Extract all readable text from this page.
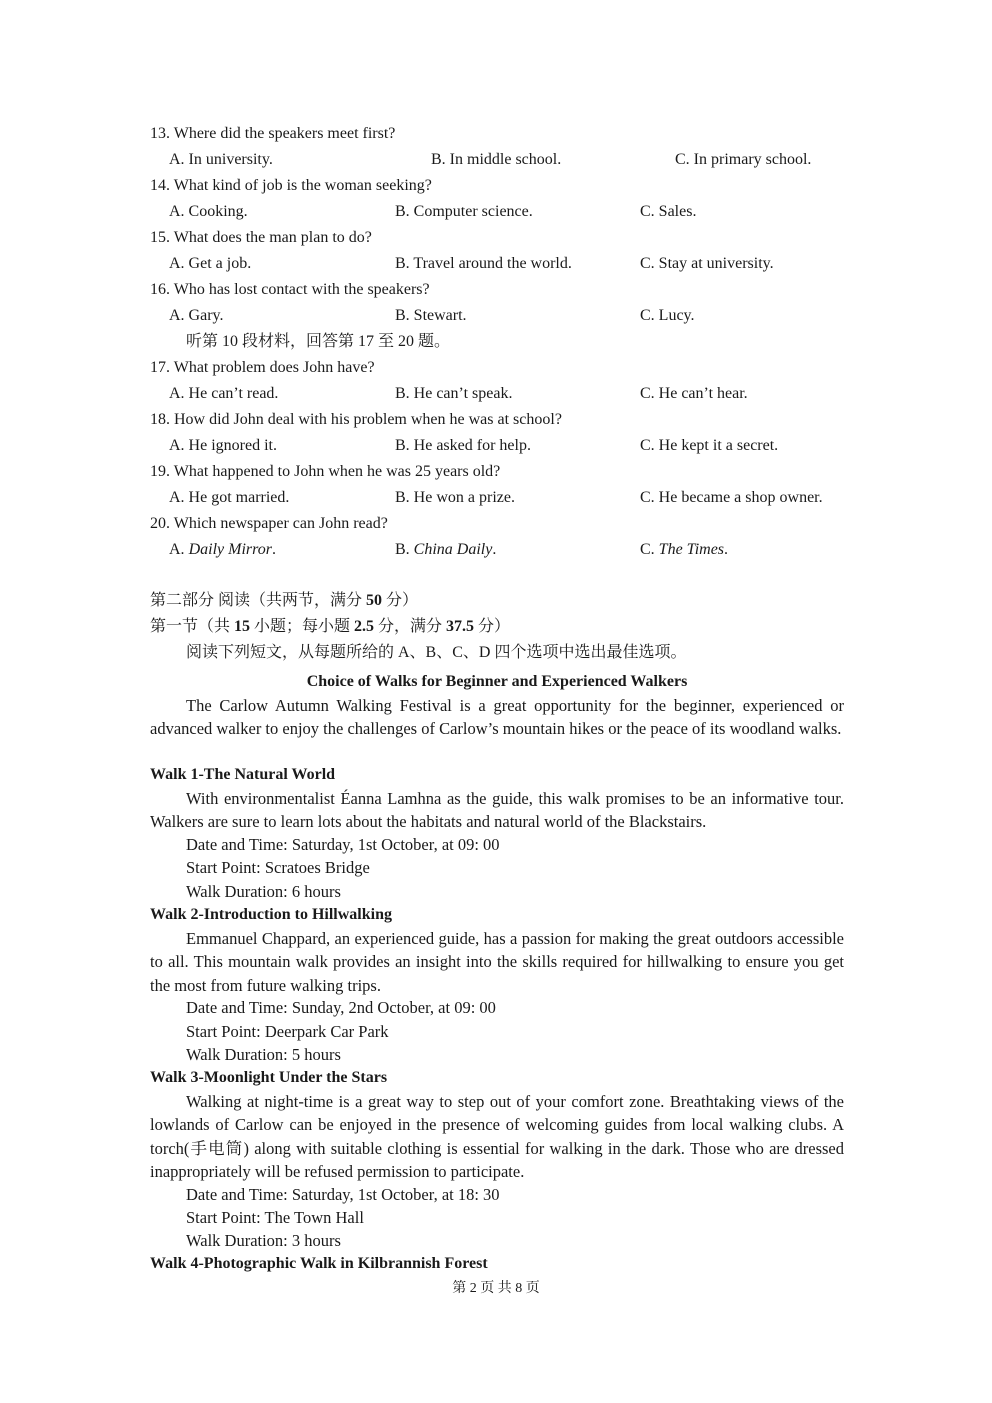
13. Where did the speakers meet first?
A. In university.	B. In middle school.	C. In primary school.
14. What kind of job is the woman seeking?
A. Cooking.	B. Computer science.	C. Sales.
15. What does the man plan to do?
A. Get a job.	B. Travel around the world.	C. Stay at university.
16. Who has lost contact with the speakers?
A. Gary.	B. Stewart.	C. Lucy.
听第 10 段材料，回答第 17 至 20 题。
17. What problem does John have?
A. He can’t read.	B. He can’t speak.	C. He can’t hear.
18. How did John deal with his problem when he was at school?
A. He ignored it.	B. He asked for help.	C. He kept it a secret.
19. What happened to John when he was 25 years old?
A. He got married.	B. He won a prize.	C. He became a shop owner.
20. Which newspaper can John read?
A. Daily Mirror.	B. China Daily.	C. The Times.
第二部分 阅读（共两节，满分 50 分）
第一节（共 15 小题；每小题 2.5 分，满分 37.5 分）
阅读下列短文，从每题所给的 A、B、C、D 四个选项中选出最佳选项。
Choice of Walks for Beginner and Experienced Walkers

The Carlow Autumn Walking Festival is a great opportunity for the beginner, experienced or advanced walker to enjoy the challenges of Carlow’s mountain hikes or the peace of its woodland walks.

Walk 1-The Natural World

With environmentalist Éanna Lamhna as the guide, this walk promises to be an informative tour. Walkers are sure to learn lots about the habitats and natural world of the Blackstairs.

Date and Time: Saturday, 1st October, at 09: 00
Start Point: Scratoes Bridge
Walk Duration: 6 hours
Walk 2-Introduction to Hillwalking

Emmanuel Chappard, an experienced guide, has a passion for making the great outdoors accessible to all. This mountain walk provides an insight into the skills required for hillwalking to ensure you get the most from future walking trips.

Date and Time: Sunday, 2nd October, at 09: 00
Start Point: Deerpark Car Park
Walk Duration: 5 hours
Walk 3-Moonlight Under the Stars

Walking at night-time is a great way to step out of your comfort zone. Breathtaking views of the lowlands of Carlow can be enjoyed in the presence of welcoming guides from local walking clubs. A torch(手电筒) along with suitable clothing is essential for walking in the dark. Those who are dressed inappropriately will be refused permission to participate.

Date and Time: Saturday, 1st October, at 18: 30
Start Point: The Town Hall
Walk Duration: 3 hours
Walk 4-Photographic Walk in Kilbrannish Forest
第 2 页 共 8 页
